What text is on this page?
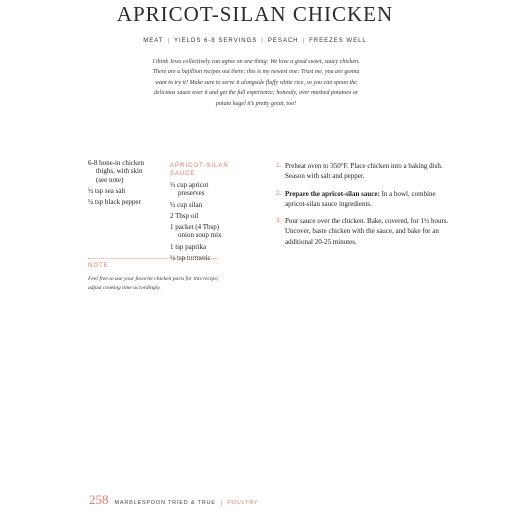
APRICOT-SILAN CHICKEN
MEAT | YIELDS 6-8 SERVINGS | PESACH | FREEZES WELL
I think Jews collectively can agree on one thing: We love a good sweet, saucy chicken. There are a bajillion recipes out there; this is my newest one: Trust me, you are gonna want to try it! Make sure to serve it alongside fluffy white rice, so you can spoon the delicious sauce over it and get the full experience; honestly, over mashed potatoes or potato kugel it's pretty great, too!
6-8 bone-in chicken
thighs, with skin
(see note)
½ tsp sea salt
¼ tsp black pepper
APRICOT-SILAN
SAUCE
⅓ cup apricot
preserves
⅓ cup silan
2 Tbsp oil
1 packet (4 Tbsp)
onion soup mix
1 tsp paprika
½ tsp turmeric
1. Preheat oven to 350°F. Place chicken into a baking dish. Season with salt and pepper.
2. Prepare the apricot-silan sauce: In a bowl, combine apricot-silan sauce ingredients.
3. Pour sauce over the chicken. Bake, covered, for 1½ hours. Uncover, baste chicken with the sauce, and bake for an additional 20-25 minutes.
NOTE
Feel free to use your favorite chicken parts for this recipe; adjust cooking time accordingly.
258 MARBLESPOON TRIED & TRUE | POULTRY
